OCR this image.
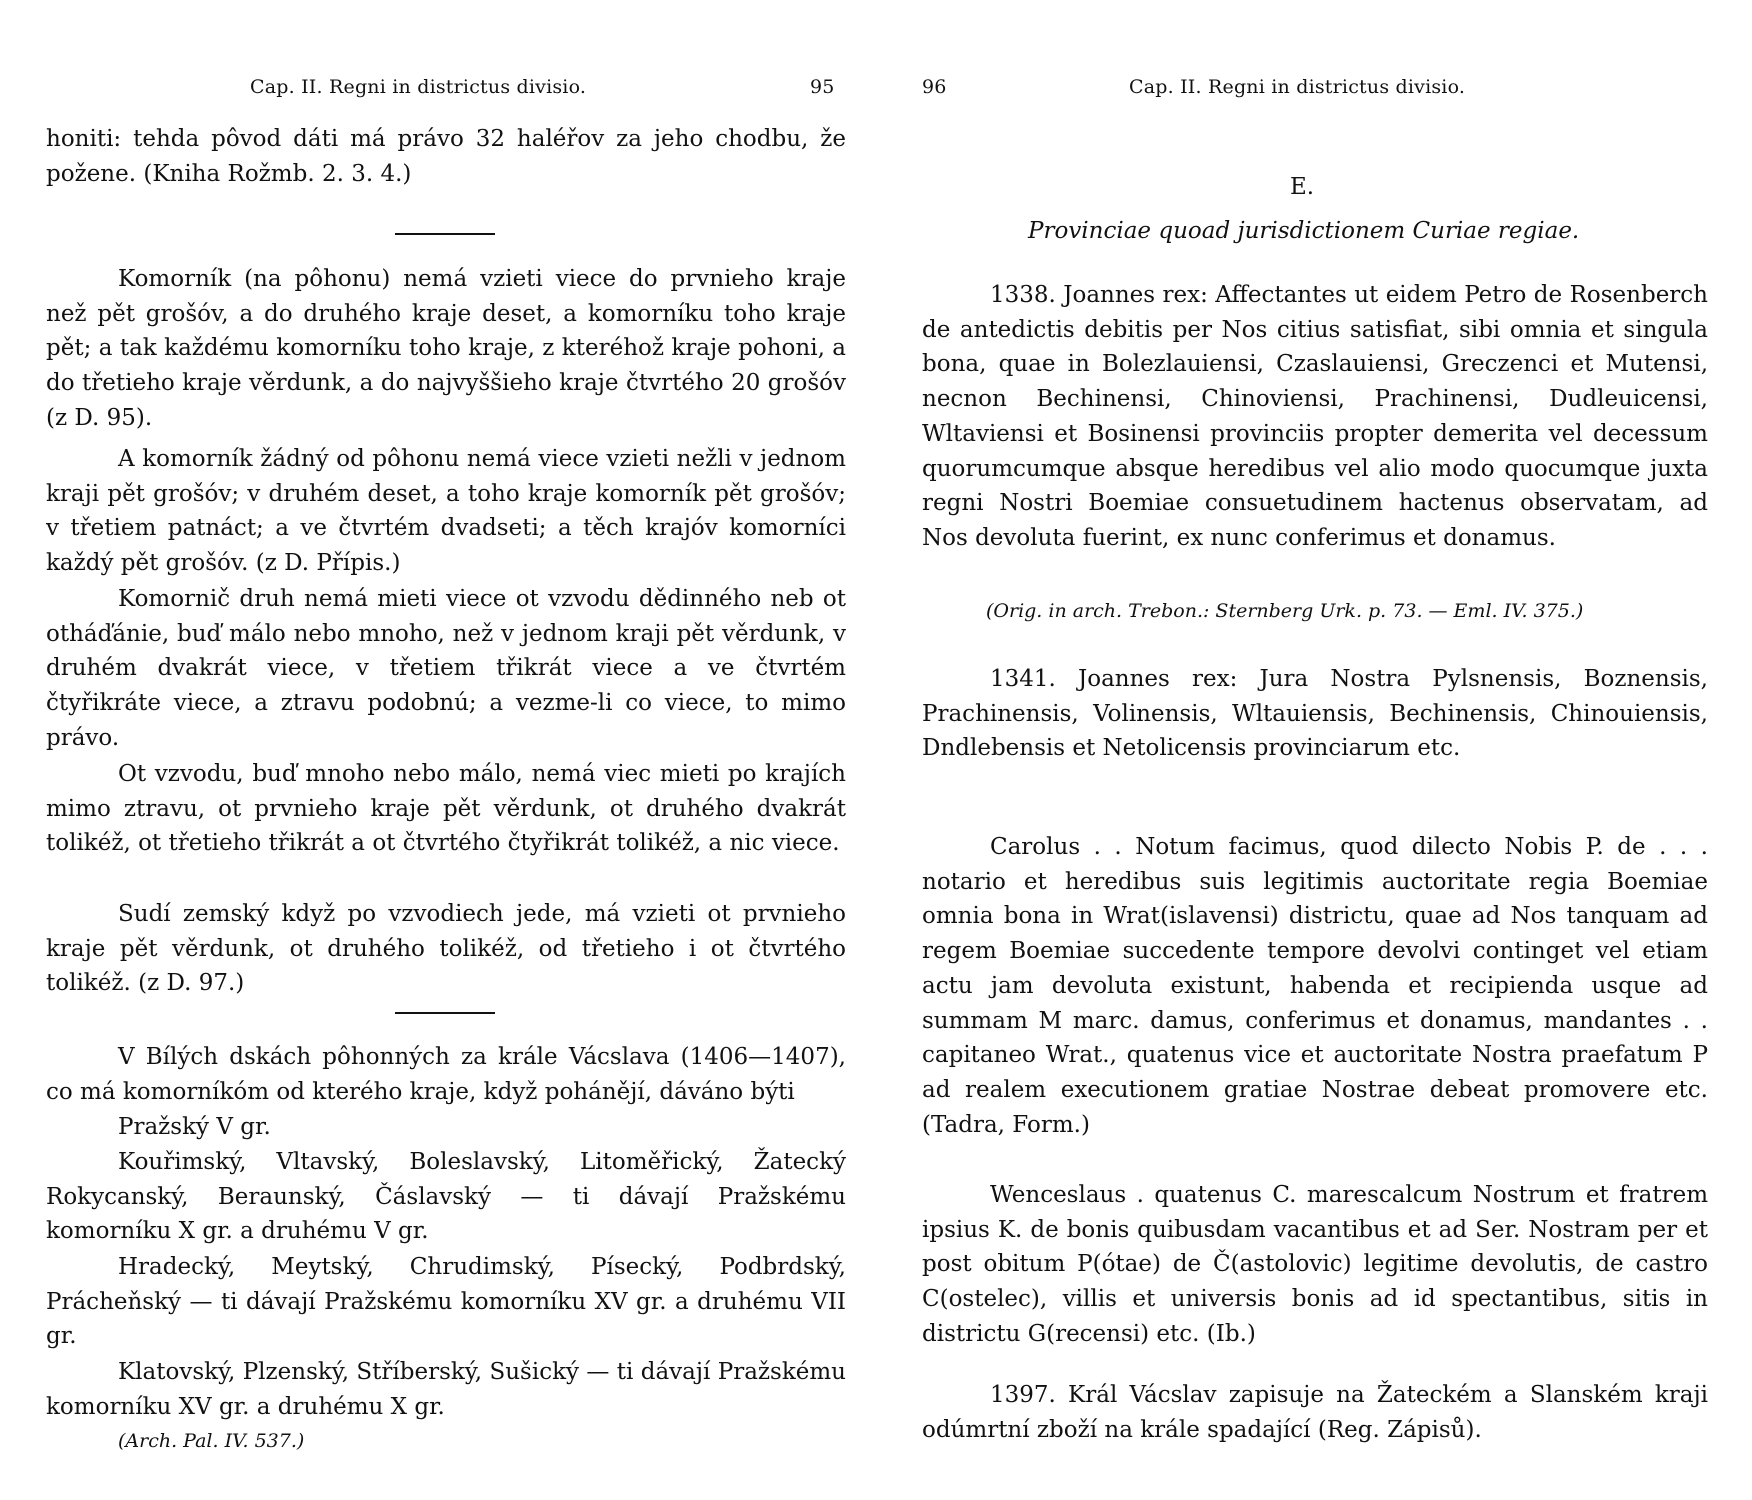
Cap. II. Regni in districtus divisio.	95

honiti: tehda pôvod dáti má právo 32 haléřov za jeho chodbu, že požene. (Kniha Rožmb. 2. 3. 4.)

Komorník (na pôhonu) nemá vzieti viece do prvnieho kraje než pět grošóv, a do druhého kraje deset, a komorníku toho kraje pět; a tak každému komorníku toho kraje, z kteréhož kraje pohoni, a do třetieho kraje věrdunk, a do najvyššieho kraje čtvrtého 20 grošóv (z D. 95).

A komorník žádný od pôhonu nemá viece vzieti nežli v jednom kraji pět grošóv; v druhém deset, a toho kraje komorník pět grošóv; v třetiem patnáct; a ve čtvrtém dvadseti; a těch krajóv komorníci každý pět grošóv. (z D. Přípis.)

Komornič druh nemá mieti viece ot vzvodu dědinného neb ot otháďánie, buď málo nebo mnoho, než v jednom kraji pět věrdunk, v druhém dvakrát viece, v třetiem třikrát viece a ve čtvrtém čtyřikráte viece, a ztravu podobnú; a vezme-li co viece, to mimo právo.

Ot vzvodu, buď mnoho nebo málo, nemá viec mieti po krajích mimo ztravu, ot prvnieho kraje pět věrdunk, ot druhého dvakrát tolikéž, ot třetieho třikrát a ot čtvrtého čtyřikrát tolikéž, a nic viece.

Sudí zemský když po vzvodiech jede, má vzieti ot prvnieho kraje pět věrdunk, ot druhého tolikéž, od třetieho i ot čtvrtého tolikéž. (z D. 97.)

V Bílých dskách pôhonných za krále Vácslava (1406—1407), co má komorníkóm od kterého kraje, když pohánějí, dáváno býti

Pražský V gr.

Kouřimský, Vltavský, Boleslavský, Litoměřický, Žatecký Rokycanský, Beraunský, Čáslavský — ti dávají Pražskému komorníku X gr. a druhému V gr.

Hradecký, Meytský, Chrudimský, Písecký, Podbrdský, Prácheňský — ti dávají Pražskému komorníku XV gr. a druhému VII gr.

Klatovský, Plzenský, Stříberský, Sušický — ti dávají Pražskému komorníku XV gr. a druhému X gr.

(Arch. Pal. IV. 537.)
96	Cap. II. Regni in districtus divisio.
E.
Provinciae quoad jurisdictionem Curiae regiae.

1338. Joannes rex: Affectantes ut eidem Petro de Rosenberch de antedictis debitis per Nos citius satisfiat, sibi omnia et singula bona, quae in Bolezlauiensi, Czaslauiensi, Greczenci et Mutensi, necnon Bechinensi, Chinoviensi, Prachinensi, Dudleuicensi, Wltaviensi et Bosinensi provinciis propter demerita vel decessum quorumcumque absque heredibus vel alio modo quocumque juxta regni Nostri Boemiae consuetudinem hactenus observatam, ad Nos devoluta fuerint, ex nunc conferimus et donamus.

(Orig. in arch. Trebon.: Sternberg Urk. p. 73. — Eml. IV. 375.)

1341. Joannes rex: Jura Nostra Pylsnensis, Boznensis, Prachinensis, Volinensis, Wltauiensis, Bechinensis, Chinouiensis, Dndlebensis et Netolicensis provinciarum etc.

Carolus . . Notum facimus, quod dilecto Nobis P. de . . . notario et heredibus suis legitimis auctoritate regia Boemiae omnia bona in Wrat(islavensi) districtu, quae ad Nos tanquam ad regem Boemiae succedente tempore devolvi continget vel etiam actu jam devoluta existunt, habenda et recipienda usque ad summam M marc. damus, conferimus et donamus, mandantes . . capitaneo Wrat., quatenus vice et auctoritate Nostra praefatum P ad realem executionem gratiae Nostrae debeat promovere etc. (Tadra, Form.)

Wenceslaus . quatenus C. marescalcum Nostrum et fratrem ipsius K. de bonis quibusdam vacantibus et ad Ser. Nostram per et post obitum P(ótae) de Č(astolovic) legitime devolutis, de castro C(ostelec), villis et universis bonis ad id spectantibus, sitis in districtu G(recensi) etc. (Ib.)

1397. Král Vácslav zapisuje na Žateckém a Slanském kraji odúmrtní zboží na krále spadající (Reg. Zápisů).
